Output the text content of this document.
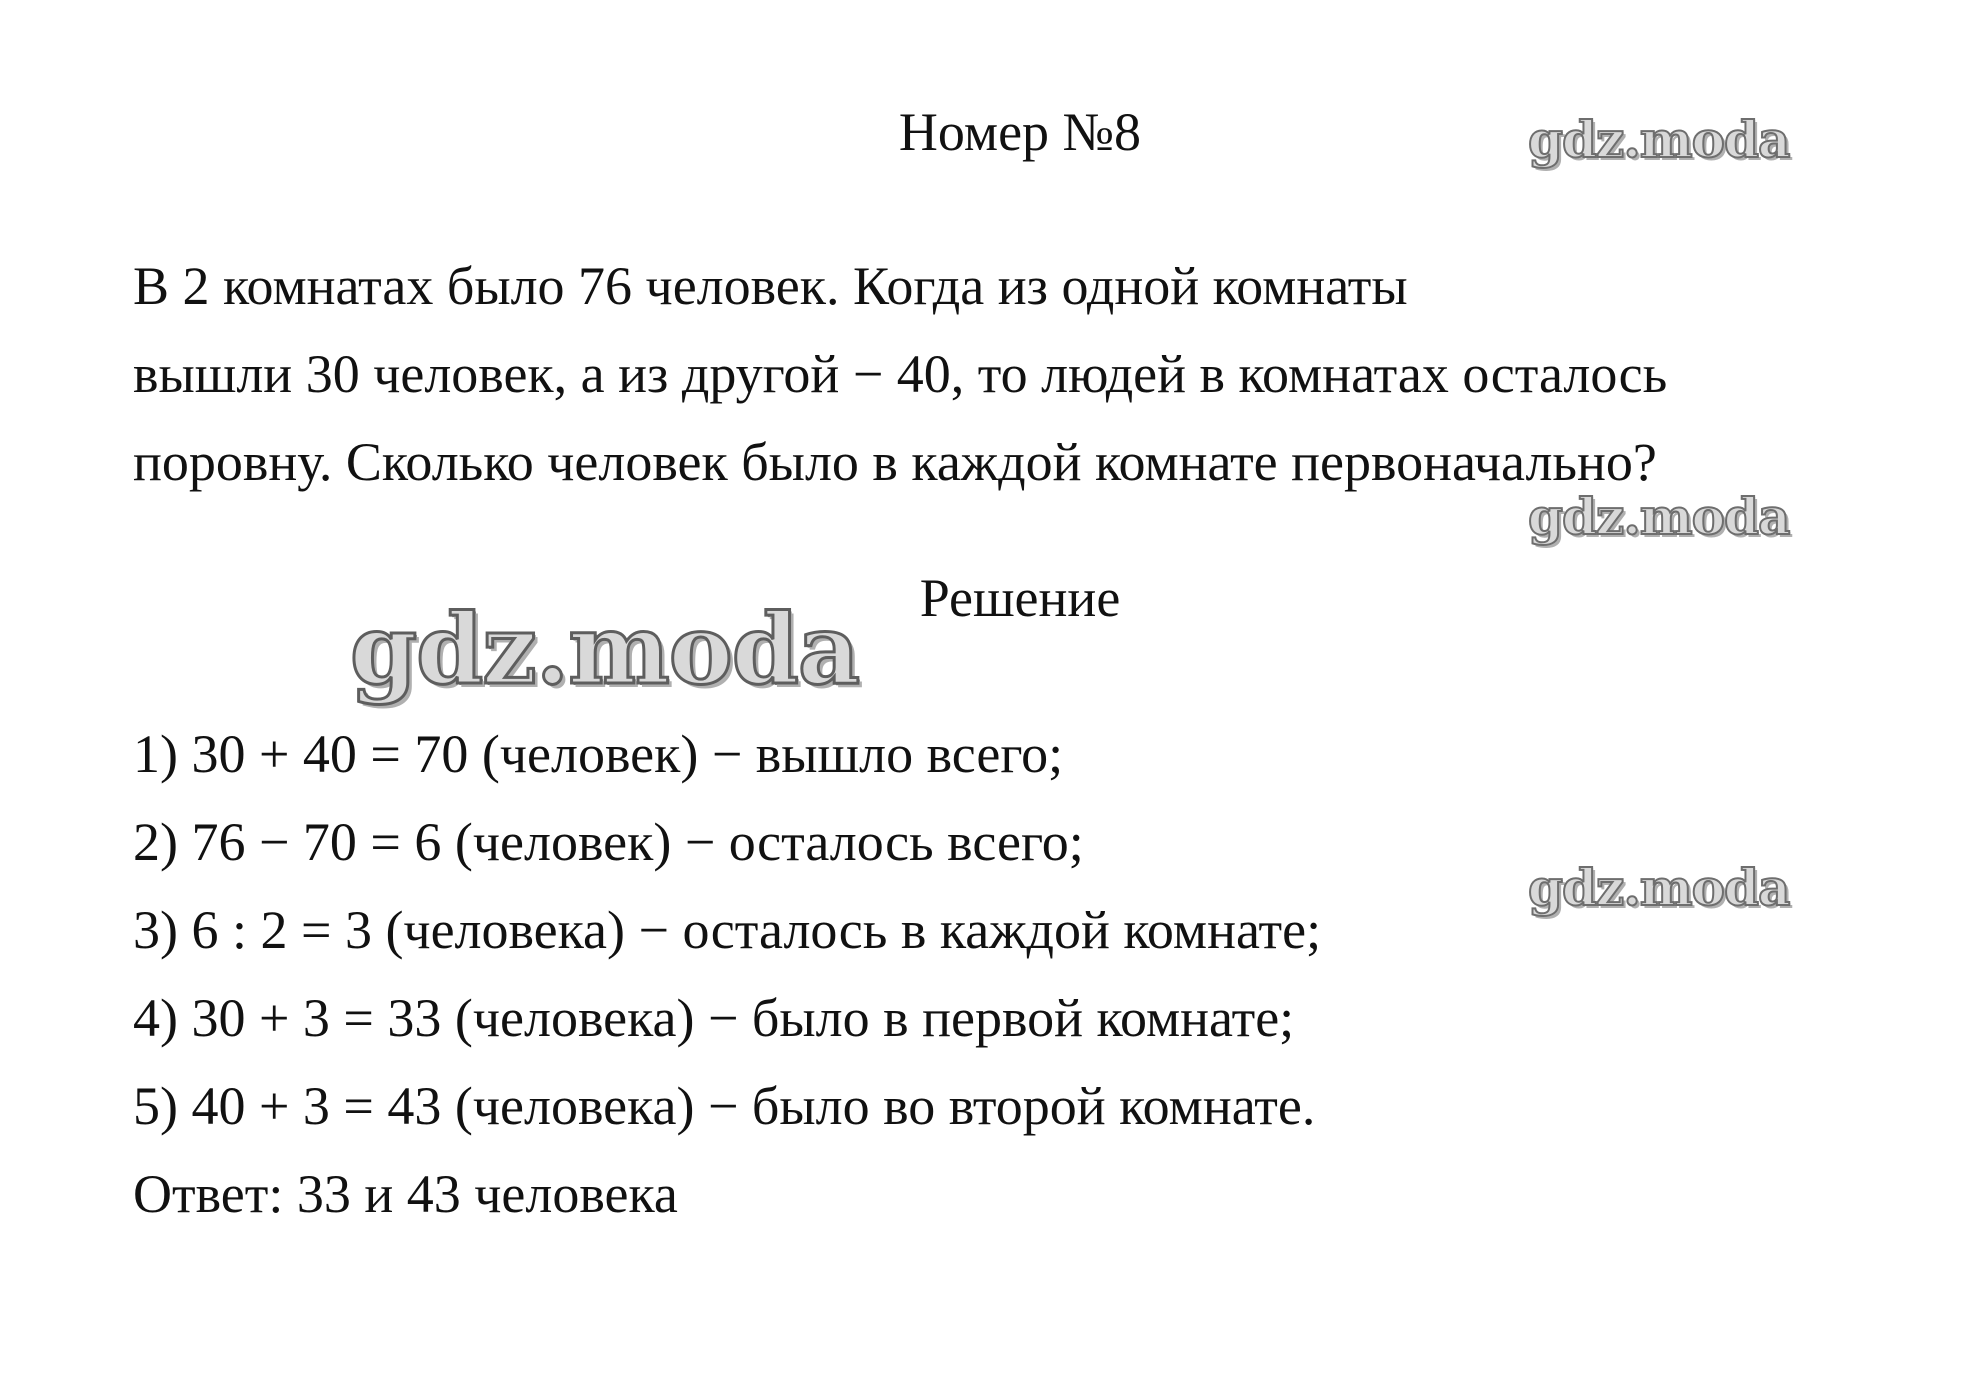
Номер №8	gdz.moda
В 2 комнатах было 76 человек. Когда из одной комнаты
вышли 30 человек, а из другой − 40, то людей в комнатах осталось
поровну. Сколько человек было в каждой комнате первоначально?
gdz.moda
Решение
gdz.moda
1) 30 + 40 = 70 (человек) − вышло всего;
2) 76 − 70 = 6 (человек) − осталось всего;
3) 6 : 2 = 3 (человека) − осталось в каждой комнате;
4) 30 + 3 = 33 (человека) − было в первой комнате;
5) 40 + 3 = 43 (человека) − было во второй комнате.
Ответ: 33 и 43 человека
gdz.moda
